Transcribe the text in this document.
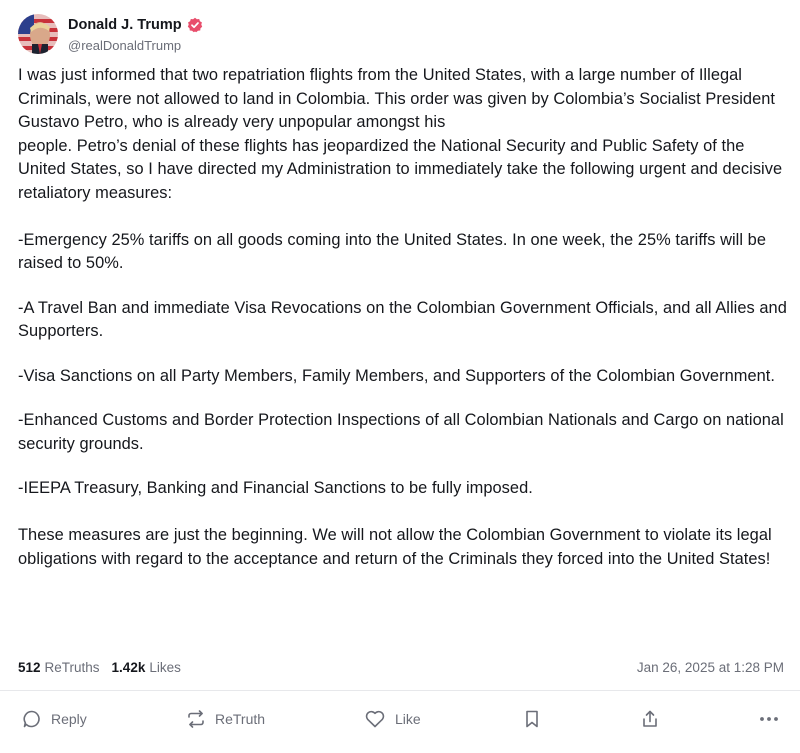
Donald J. Trump
@realDonaldTrump

I was just informed that two repatriation flights from the United States, with a large number of Illegal Criminals, were not allowed to land in Colombia. This order was given by Colombia’s Socialist President Gustavo Petro, who is already very unpopular amongst his

people. Petro’s denial of these flights has jeopardized the National Security and Public Safety of the United States, so I have directed my Administration to immediately take the following urgent and decisive retaliatory measures:

-Emergency 25% tariffs on all goods coming into the United States. In one week, the 25% tariffs will be raised to 50%.

-A Travel Ban and immediate Visa Revocations on the Colombian Government Officials, and all Allies and Supporters.

-Visa Sanctions on all Party Members, Family Members, and Supporters of the Colombian Government.

-Enhanced Customs and Border Protection Inspections of all Colombian Nationals and Cargo on national security grounds.

-IEEPA Treasury, Banking and Financial Sanctions to be fully imposed.

These measures are just the beginning. We will not allow the Colombian Government to violate its legal obligations with regard to the acceptance and return of the Criminals they forced into the United States!

512 ReTruths 1.42k Likes	Jan 26, 2025 at 1:28 PM
Reply	ReTruth	Like
